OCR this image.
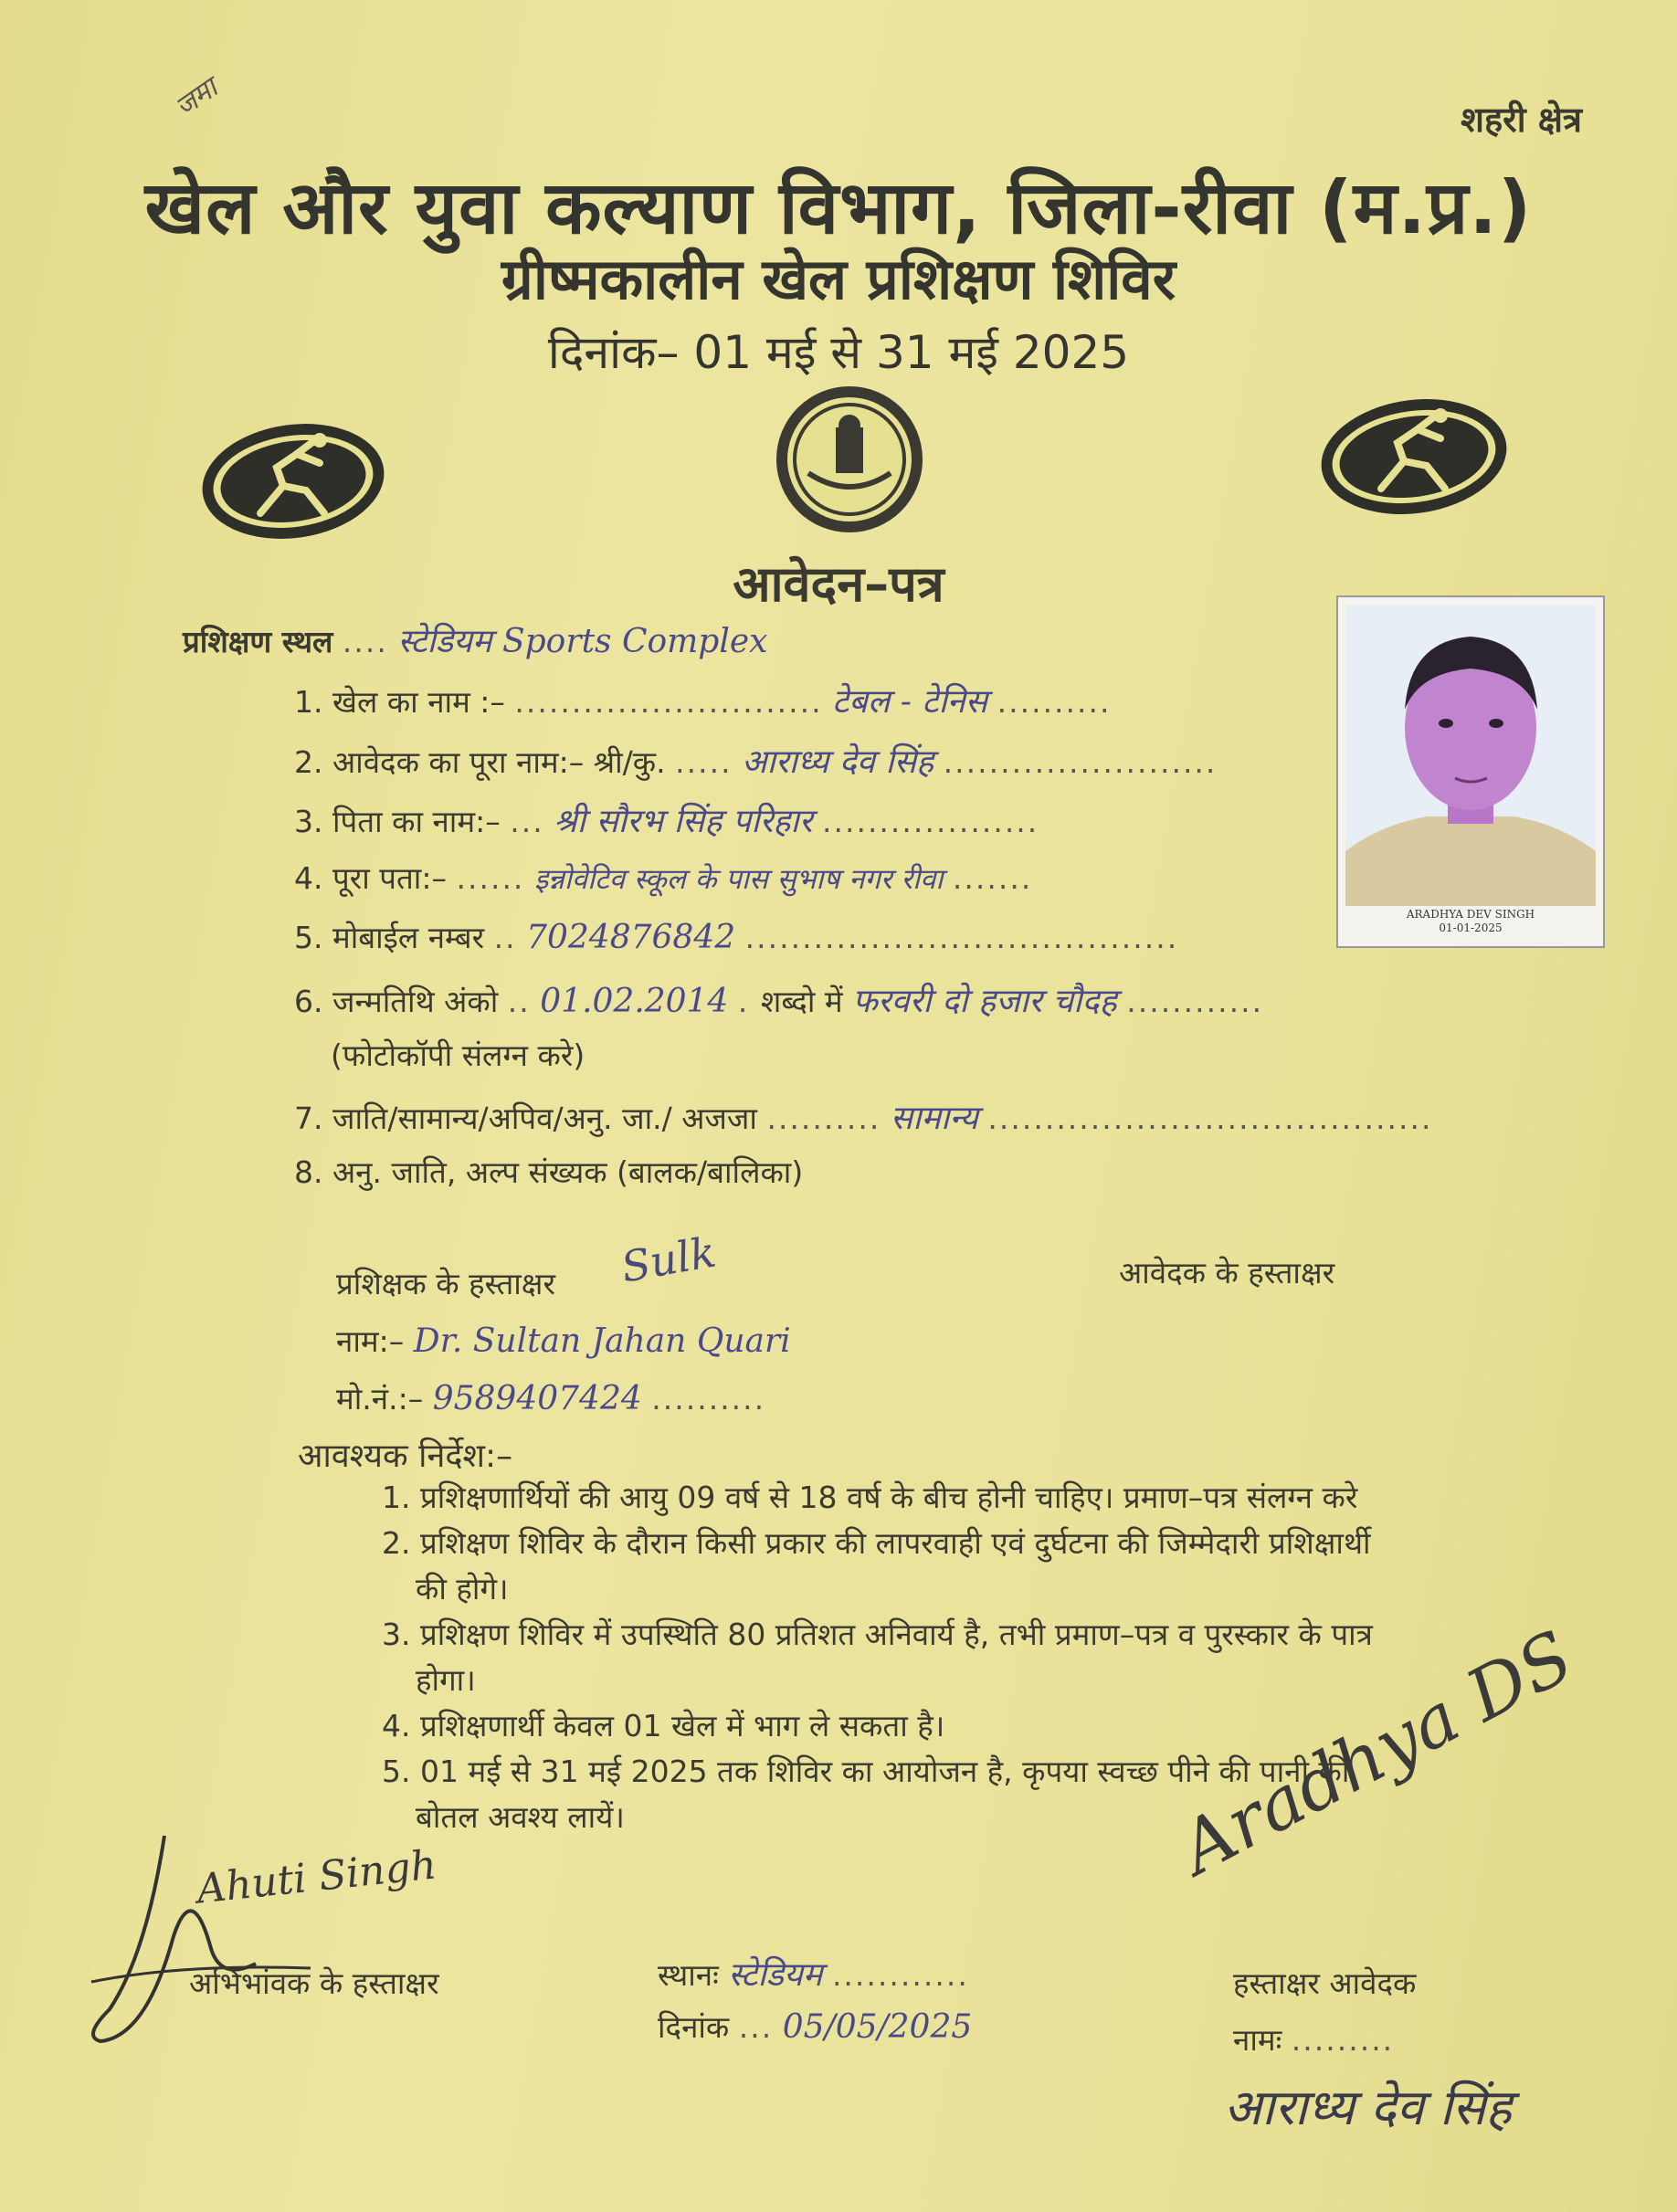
जमा	शहरी क्षेत्र
खेल और युवा कल्याण विभाग, जिला-रीवा (म.प्र.)
ग्रीष्मकालीन खेल प्रशिक्षण शिविर
दिनांक– 01 मई से 31 मई 2025
आवेदन–पत्र
ARADHYA DEV SINGH
01-01-2025
प्रशिक्षण स्थल .... स्टेडियम Sports Complex
1. खेल का नाम :– ........................... टेबल - टेनिस ..........
2. आवेदक का पूरा नाम:– श्री/कु. ..... आराध्य देव सिंह ........................
3. पिता का नाम:– ... श्री सौरभ सिंह परिहार ...................
4. पूरा पता:– ...... इन्नोवेटिव स्कूल के पास सुभाष नगर रीवा .......
5. मोबाईल नम्बर .. 7024876842 ......................................
6. जन्मतिथि अंको .. 01.02.2014 . शब्दो में फरवरी दो हजार चौदह ............
(फोटोकॉपी संलग्न करे)
7. जाति/सामान्य/अपिव/अनु. जा./ अजजा .......... सामान्य .......................................
8. अनु. जाति, अल्प संख्यक (बालक/बालिका)
प्रशिक्षक के हस्ताक्षर Sulk	आवेदक के हस्ताक्षर
नाम:– Dr. Sultan Jahan Quari
मो.नं.:– 9589407424 ..........
आवश्यक निर्देश:–
1. प्रशिक्षणार्थियों की आयु 09 वर्ष से 18 वर्ष के बीच होनी चाहिए। प्रमाण–पत्र संलग्न करे
2. प्रशिक्षण शिविर के दौरान किसी प्रकार की लापरवाही एवं दुर्घटना की जिम्मेदारी प्रशिक्षार्थी
की होगे।
3. प्रशिक्षण शिविर में उपस्थिति 80 प्रतिशत अनिवार्य है, तभी प्रमाण–पत्र व पुरस्कार के पात्र
होगा।
4. प्रशिक्षणार्थी केवल 01 खेल में भाग ले सकता है।
5. 01 मई से 31 मई 2025 तक शिविर का आयोजन है, कृपया स्वच्छ पीने की पानी की
बोतल अवश्य लायें।
Ahuti Singh
अभिभांवक के हस्ताक्षर	स्थानः स्टेडियम ............
दिनांक ... 05/05/2025
Aradhya DS
हस्ताक्षर आवेदक
नामः .........
आराध्य देव सिंह
